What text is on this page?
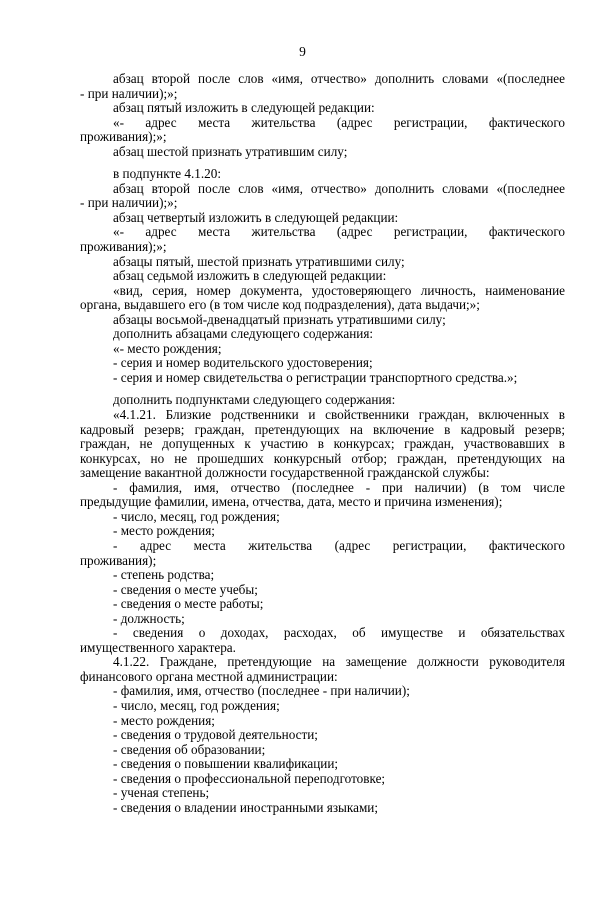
9
абзац второй после слов «имя, отчество» дополнить словами «(последнее
- при наличии);»;
абзац пятый изложить в следующей редакции:
«- адрес места жительства (адрес регистрации, фактического
проживания);»;
абзац шестой признать утратившим силу;
в подпункте 4.1.20:
абзац второй после слов «имя, отчество» дополнить словами «(последнее
- при наличии);»;
абзац четвертый изложить в следующей редакции:
«- адрес места жительства (адрес регистрации, фактического
проживания);»;
абзацы пятый, шестой признать утратившими силу;
абзац седьмой изложить в следующей редакции:
«вид, серия, номер документа, удостоверяющего личность, наименование
органа, выдавшего его (в том числе код подразделения), дата выдачи;»;
абзацы восьмой-двенадцатый признать утратившими силу;
дополнить абзацами следующего содержания:
«- место рождения;
- серия и номер водительского удостоверения;
- серия и номер свидетельства о регистрации транспортного средства.»;
дополнить подпунктами следующего содержания:
«4.1.21. Близкие родственники и свойственники граждан, включенных в
кадровый резерв; граждан, претендующих на включение в кадровый резерв;
граждан, не допущенных к участию в конкурсах; граждан, участвовавших в
конкурсах, но не прошедших конкурсный отбор; граждан, претендующих на
замещение вакантной должности государственной гражданской службы:
- фамилия, имя, отчество (последнее - при наличии) (в том числе
предыдущие фамилии, имена, отчества, дата, место и причина изменения);
- число, месяц, год рождения;
- место рождения;
- адрес места жительства (адрес регистрации, фактического
проживания);
- степень родства;
- сведения о месте учебы;
- сведения о месте работы;
- должность;
- сведения о доходах, расходах, об имуществе и обязательствах
имущественного характера.
4.1.22. Граждане, претендующие на замещение должности руководителя
финансового органа местной администрации:
- фамилия, имя, отчество (последнее - при наличии);
- число, месяц, год рождения;
- место рождения;
- сведения о трудовой деятельности;
- сведения об образовании;
- сведения о повышении квалификации;
- сведения о профессиональной переподготовке;
- ученая степень;
- сведения о владении иностранными языками;
